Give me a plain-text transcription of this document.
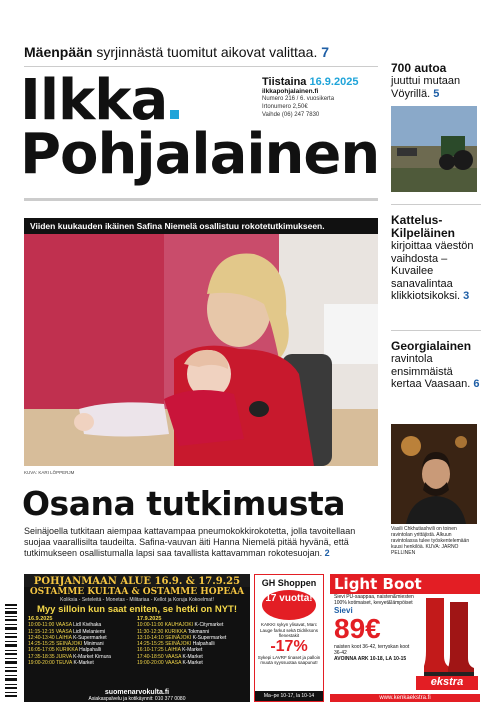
Mäenpään syrjinnästä tuomitut aikovat valittaa. 7
Ilkka
Pohjalainen
Tiistaina 16.9.2025
ilkkapohjalainen.fi
Numero 216 / 6. vuosikerta
Irtonumero 2,50€
Vaihde (06) 247 7830
Viiden kuukauden ikäinen Safina Niemelä osallistuu rokotetutkimukseen.
KUVA: KARI LÖPPERJM
Osana tutkimusta
Seinäjoella tutkitaan aiempaa kattavampaa pneumokokkirokotetta, jolla tavoitellaan suojaa vaarallisilta taudeilta. Safina-vauvan äiti Hanna Niemelä pitää hyvänä, että tutkimukseen osallistumalla lapsi saa tavallista kattavamman rokotesuojan. 2
700 autoa

juuttui mutaan Vöyrillä. 5

Kattelus-Kilpeläinen

kirjoittaa väestön vaihdosta – Kuvailee sanavalintaa klikkiotsikoksi. 3

Georgialainen

ravintola ensimmäistä kertaa Vaasaan. 6

Vasili Chkhutiashvili on toinen ravintolan yrittäjistä. Alkuun ravintolassa tulee työskentelemään kuusi henkilöä. KUVA: JARNO PELLINEN
POHJANMAAN ALUE 16.9. & 17.9.25
OSTAMME KULTAA & OSTAMME HOPEAA
Koliksia - Seteleitä - Monetas - Militariaa - Kellot ja Koruja Kokoelmat!
Myy silloin kun saat eniten, se hetki on NYT!
16.9.2025
10:00-11:00 VAASA Lidl Kivihaka
11:15-12:15 VAASA Lidl Melaniemi
12:40-13:40 LAIHIA K-Supermarket
14:25-15:25 SEINÄJOKI Minimani
16:05-17:05 KURIKKA Halpahalli
17:35-18:35 JURVA K-Market Kirnura
19:00-20:00 TEUVA K-Market
17.9.2025
10:00-11:00 KAUHAJOKI K-Citymarket
11:30-12:30 KURIKKA Tokmanni
13:10-14:10 SEINÄJOKI K-Supermarket
14:25-15:25 SEINÄJOKI Halpahalli
16:10-17:25 LAIHIA K-Market
17:40-18:50 VAASA K-Market
19:00-20:00 VAASA K-Market
suomenarvokulta.fi
Asiakaspalvelu ja kotikäynnit: 010 377 0080
GH Shoppen
17 vuotta!
KAIKKI sykyn ylisavat, Marc Lauge farkut sekä Didriksons flenestakit
-17%
Sykepi LAVRF tinaset ja palloin muuta syyssuotaa saapunut!
Ma–pe 10-17, la 10-14
Light Boot
Sievi PU-saappaa, naisten&miesten
100% kotimaiset, kevyet&lämpöiset
Sievi
89€
naisten koot 36-42, terryskan koot 36-42
AVOINNA ARK 10-18, LA 10-15
ekstra
www.kenkaekstra.fi
